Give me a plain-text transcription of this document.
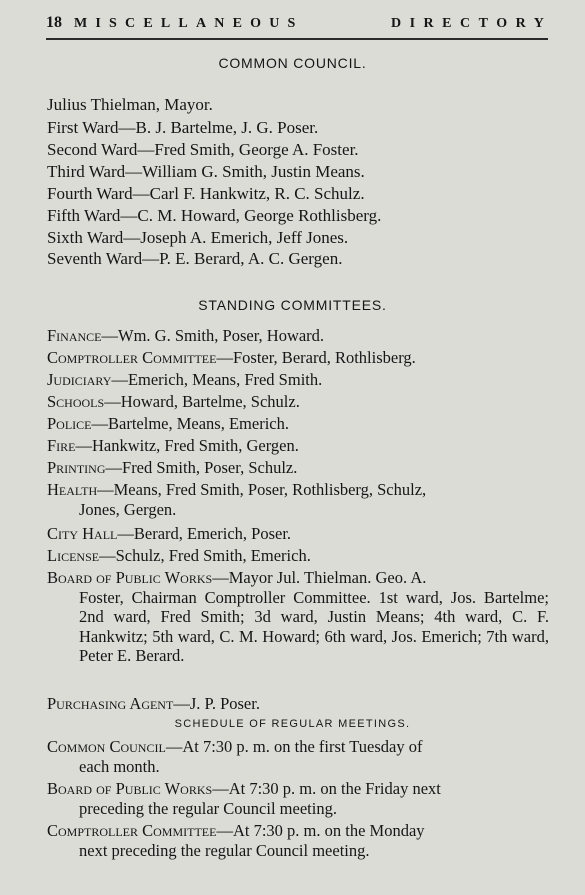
18 MISCELLANEOUS	DIRECTORY
COMMON COUNCIL.
Julius Thielman, Mayor.
First Ward—B. J. Bartelme, J. G. Poser.
Second Ward—Fred Smith, George A. Foster.
Third Ward—William G. Smith, Justin Means.
Fourth Ward—Carl F. Hankwitz, R. C. Schulz.
Fifth Ward—C. M. Howard, George Rothlisberg.
Sixth Ward—Joseph A. Emerich, Jeff Jones.
Seventh Ward—P. E. Berard, A. C. Gergen.
STANDING COMMITTEES.
Finance—Wm. G. Smith, Poser, Howard.
Comptroller Committee—Foster, Berard, Rothlisberg.
Judiciary—Emerich, Means, Fred Smith.
Schools—Howard, Bartelme, Schulz.
Police—Bartelme, Means, Emerich.
Fire—Hankwitz, Fred Smith, Gergen.
Printing—Fred Smith, Poser, Schulz.
Health—Means, Fred Smith, Poser, Rothlisberg, Schulz,
Jones, Gergen.
City Hall—Berard, Emerich, Poser.
License—Schulz, Fred Smith, Emerich.
Board of Public Works—Mayor Jul. Thielman. Geo. A.
Foster, Chairman Comptroller Committee. 1st ward, Jos. Bartelme; 2nd ward, Fred Smith; 3d ward, Justin Means; 4th ward, C. F. Hankwitz; 5th ward, C. M. Howard; 6th ward, Jos. Emerich; 7th ward, Peter E. Berard.
Purchasing Agent—J. P. Poser.
SCHEDULE OF REGULAR MEETINGS.
Common Council—At 7:30 p. m. on the first Tuesday of
each month.
Board of Public Works—At 7:30 p. m. on the Friday next
preceding the regular Council meeting.
Comptroller Committee—At 7:30 p. m. on the Monday
next preceding the regular Council meeting.
